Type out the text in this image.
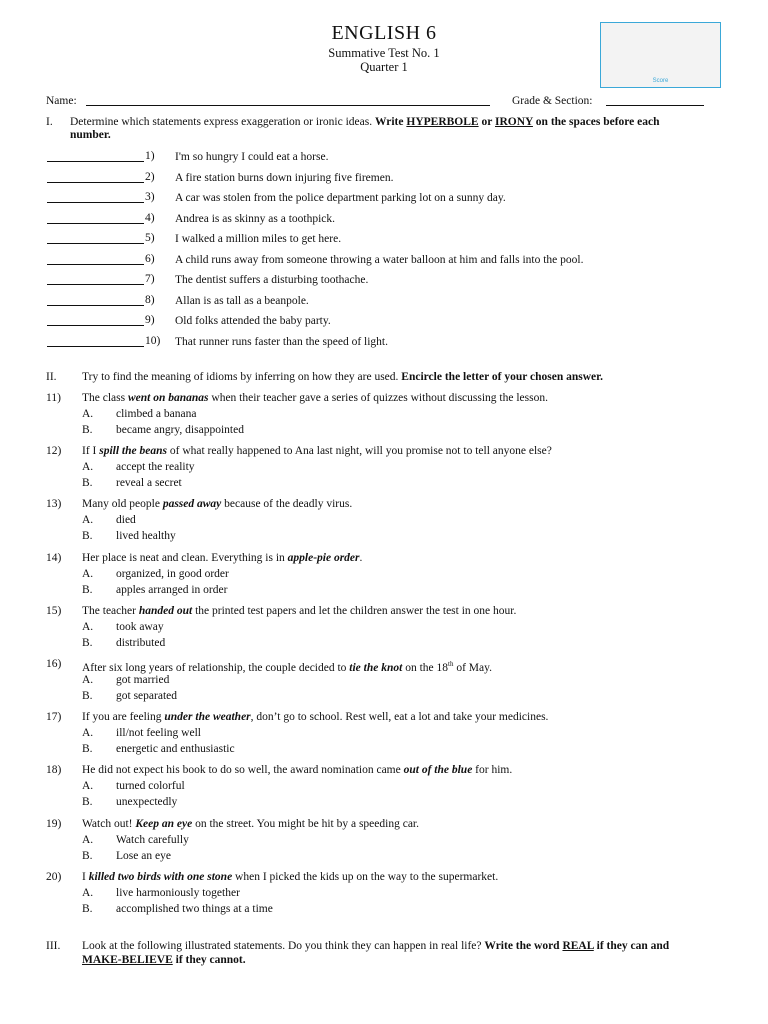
ENGLISH 6
Summative Test No. 1
Quarter 1
Score
Name:	Grade & Section:
I. Determine which statements express exaggeration or ironic ideas. Write HYPERBOLE or IRONY on the spaces before each
number.
1) I'm so hungry I could eat a horse.
2) A fire station burns down injuring five firemen.
3) A car was stolen from the police department parking lot on a sunny day.
4) Andrea is as skinny as a toothpick.
5) I walked a million miles to get here.
6) A child runs away from someone throwing a water balloon at him and falls into the pool.
7) The dentist suffers a disturbing toothache.
8) Allan is as tall as a beanpole.
9) Old folks attended the baby party.
10) That runner runs faster than the speed of light.
II. Try to find the meaning of idioms by inferring on how they are used. Encircle the letter of your chosen answer.
11) The class went on bananas when their teacher gave a series of quizzes without discussing the lesson.
A. climbed a banana
B. became angry, disappointed
12) If I spill the beans of what really happened to Ana last night, will you promise not to tell anyone else?
A. accept the reality
B. reveal a secret
13) Many old people passed away because of the deadly virus.
A. died
B. lived healthy
14) Her place is neat and clean. Everything is in apple-pie order.
A. organized, in good order
B. apples arranged in order
15) The teacher handed out the printed test papers and let the children answer the test in one hour.
A. took away
B. distributed
16) After six long years of relationship, the couple decided to tie the knot on the 18th of May.
A. got married
B. got separated
17) If you are feeling under the weather, don’t go to school. Rest well, eat a lot and take your medicines.
A. ill/not feeling well
B. energetic and enthusiastic
18) He did not expect his book to do so well, the award nomination came out of the blue for him.
A. turned colorful
B. unexpectedly
19) Watch out! Keep an eye on the street. You might be hit by a speeding car.
A. Watch carefully
B. Lose an eye
20) I killed two birds with one stone when I picked the kids up on the way to the supermarket.
A. live harmoniously together
B. accomplished two things at a time
III. Look at the following illustrated statements. Do you think they can happen in real life? Write the word REAL if they can and
MAKE-BELIEVE if they cannot.
